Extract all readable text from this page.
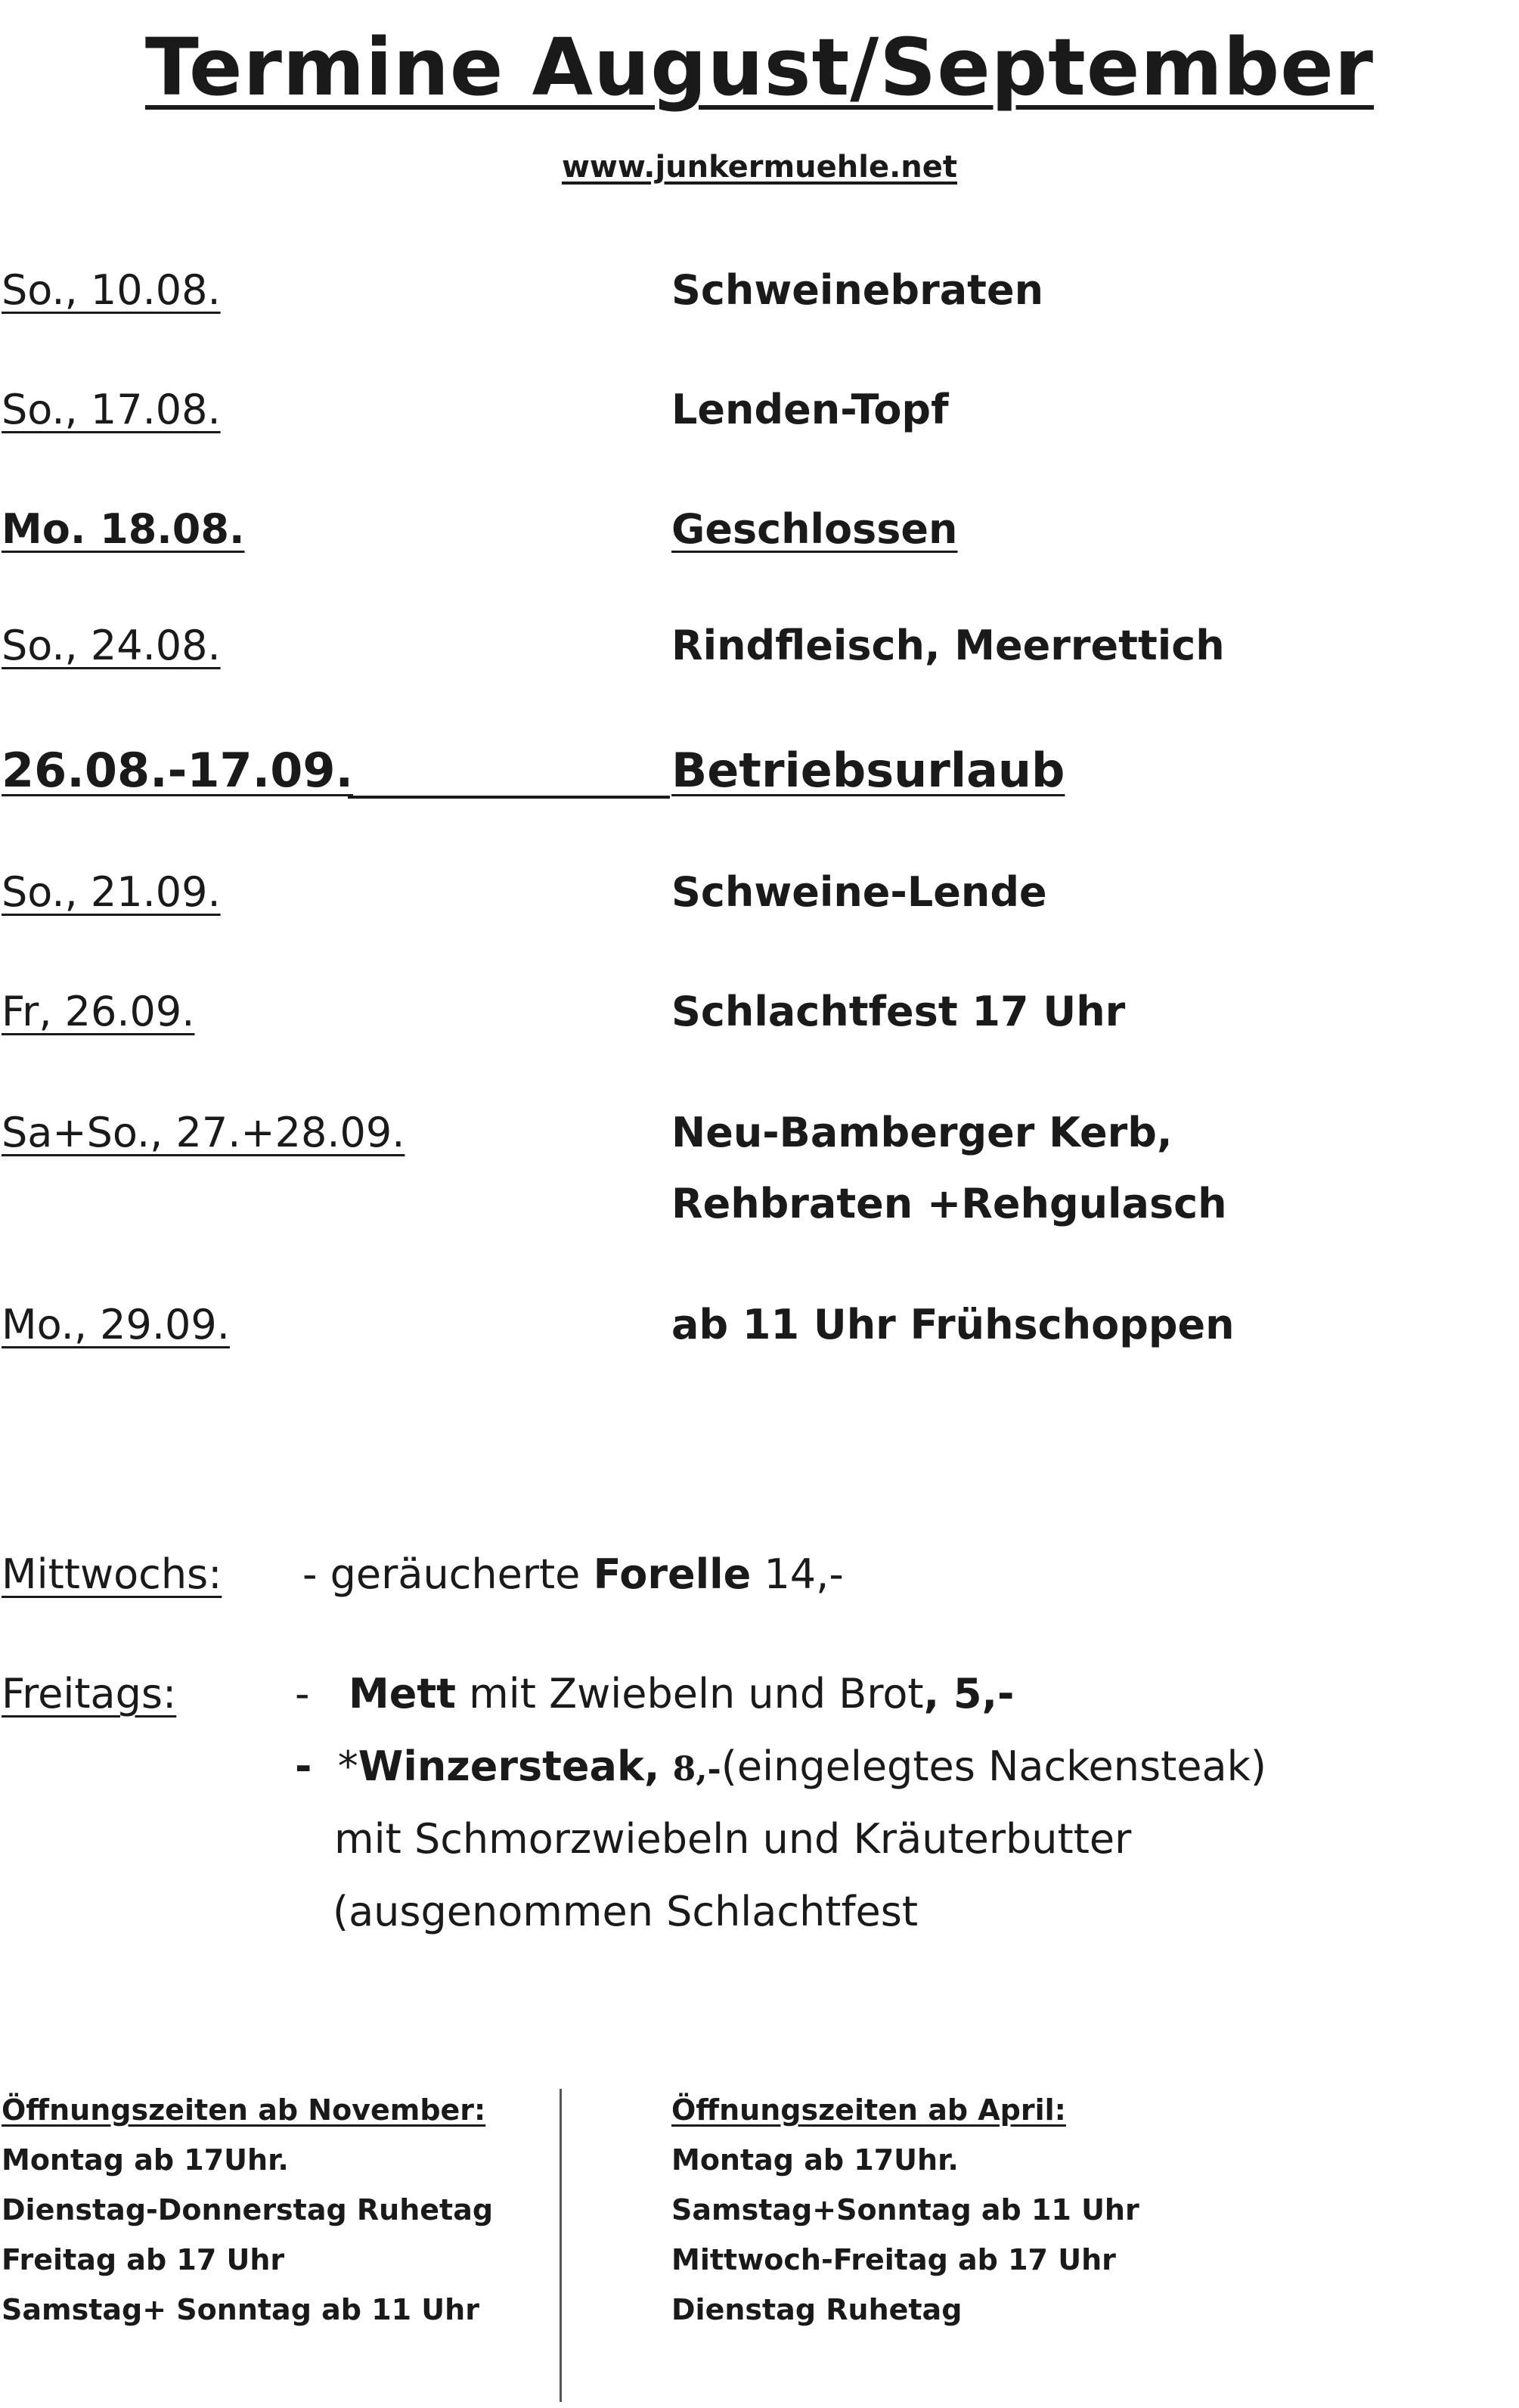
Termine August/September
www.junkermuehle.net
So., 10.08.	Schweinebraten
So., 17.08.	Lenden-Topf
Mo. 18.08.	Geschlossen
So., 24.08.	Rindfleisch, Meerrettich
26.08.-17.09.	Betriebsurlaub
So., 21.09.	Schweine-Lende
Fr, 26.09.	Schlachtfest 17 Uhr
Sa+So., 27.+28.09.	Neu-Bamberger Kerb,
Rehbraten +Rehgulasch
Mo., 29.09.	ab 11 Uhr Frühschoppen
Mittwochs: - geräucherte Forelle 14,-
Freitags:	- Mett mit Zwiebeln und Brot, 5,-
- *Winzersteak, 8,-(eingelegtes Nackensteak)
mit Schmorzwiebeln und Kräuterbutter
(ausgenommen Schlachtfest
Öffnungszeiten ab November:
Montag ab 17Uhr.
Dienstag-Donnerstag Ruhetag
Freitag ab 17 Uhr
Samstag+ Sonntag ab 11 Uhr
Öffnungszeiten ab April:
Montag ab 17Uhr.
Samstag+Sonntag ab 11 Uhr
Mittwoch-Freitag ab 17 Uhr
Dienstag Ruhetag
